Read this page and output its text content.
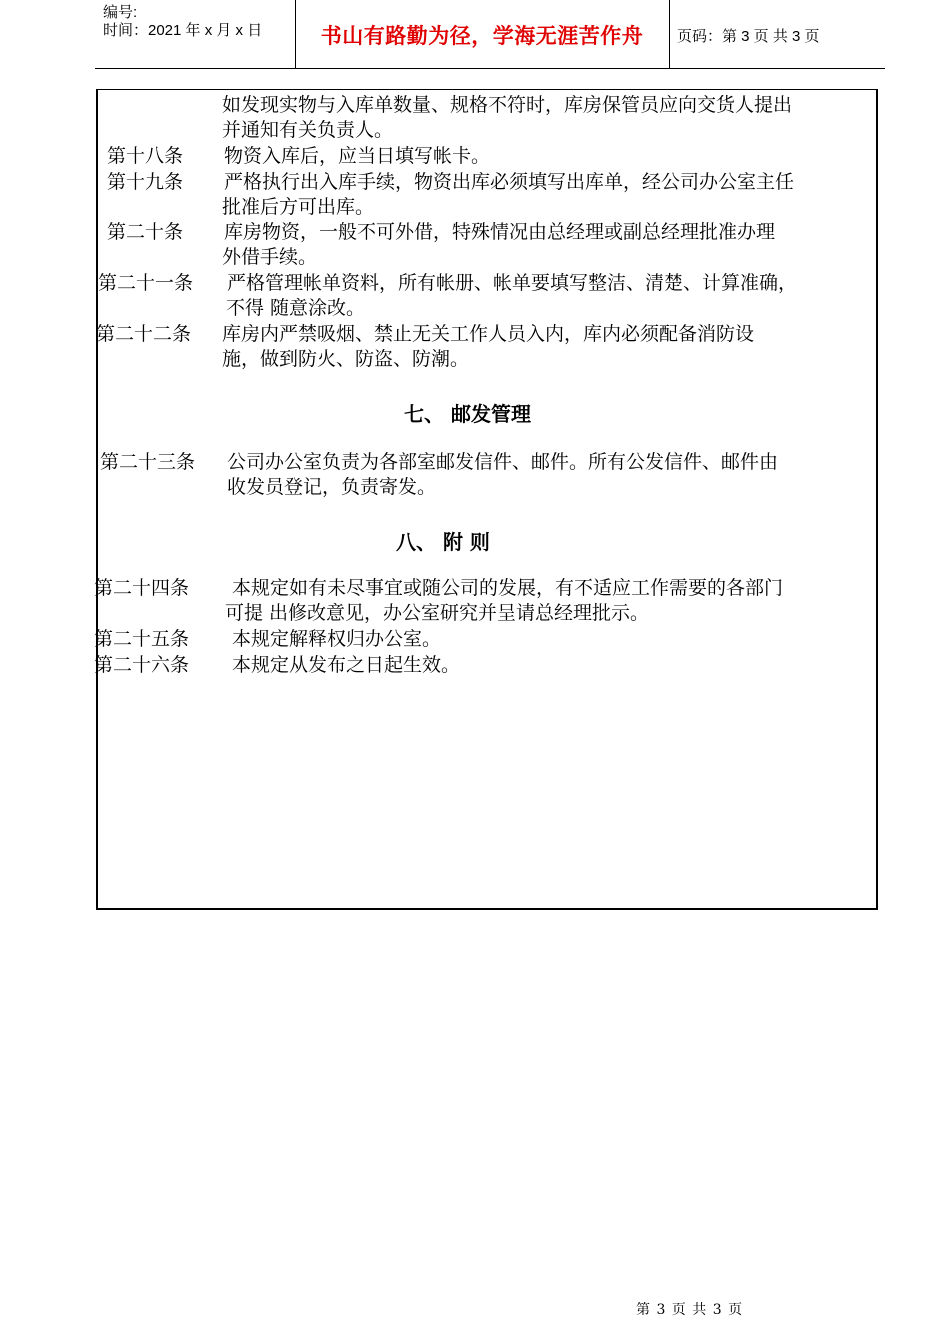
编号:
时间：2021 年 x 月 x 日	书山有路勤为径，学海无涯苦作舟	页码：第 3 页 共 3 页
如发现实物与入库单数量、规格不符时，库房保管员应向交货人提出
并通知有关负责人。
第十八条 物资入库后，应当日填写帐卡。
第十九条 严格执行出入库手续，物资出库必须填写出库单，经公司办公室主任
批准后方可出库。
第二十条 库房物资，一般不可外借，特殊情况由总经理或副总经理批准办理
外借手续。
第二十一条 严格管理帐单资料，所有帐册、帐单要填写整洁、清楚、计算准确，
不得 随意涂改。
第二十二条 库房内严禁吸烟、禁止无关工作人员入内，库内必须配备消防设
施，做到防火、防盗、防潮。
七、 邮发管理
第二十三条 公司办公室负责为各部室邮发信件、邮件。所有公发信件、邮件由
收发员登记，负责寄发。
八、 附 则
第二十四条 本规定如有未尽事宜或随公司的发展，有不适应工作需要的各部门
可提 出修改意见，办公室研究并呈请总经理批示。
第二十五条 本规定解释权归办公室。
第二十六条 本规定从发布之日起生效。
第 3 页 共 3 页
